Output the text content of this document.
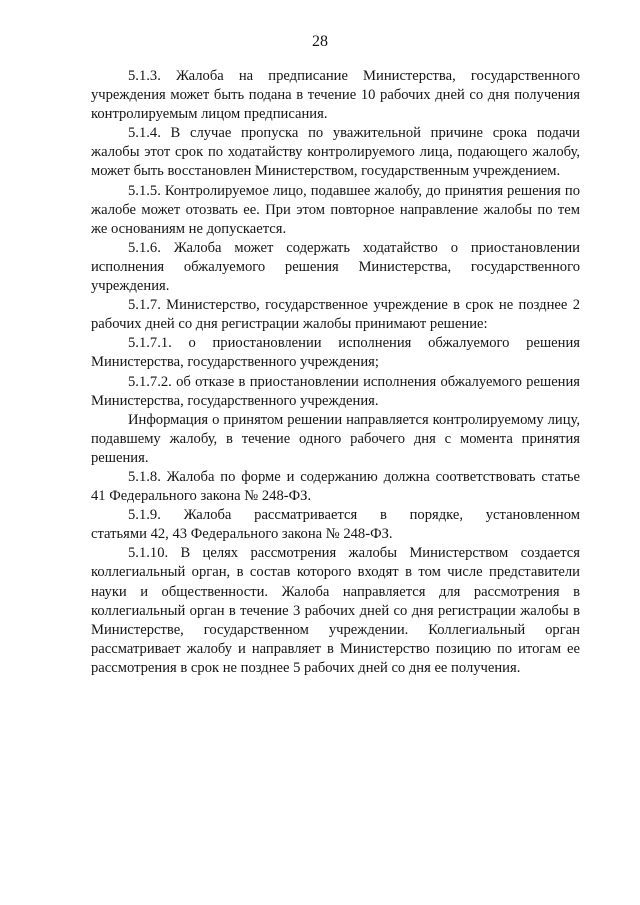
28

5.1.3. Жалоба на предписание Министерства, государственного учреждения может быть подана в течение 10 рабочих дней со дня получения контролируемым лицом предписания.

5.1.4. В случае пропуска по уважительной причине срока подачи жалобы этот срок по ходатайству контролируемого лица, подающего жалобу, может быть восстановлен Министерством, государственным учреждением.

5.1.5. Контролируемое лицо, подавшее жалобу, до принятия решения по жалобе может отозвать ее. При этом повторное направление жалобы по тем же основаниям не допускается.

5.1.6. Жалоба может содержать ходатайство о приостановлении исполнения обжалуемого решения Министерства, государственного учреждения.

5.1.7. Министерство, государственное учреждение в срок не позднее 2 рабочих дней со дня регистрации жалобы принимают решение:

5.1.7.1. о приостановлении исполнения обжалуемого решения Министерства, государственного учреждения;

5.1.7.2. об отказе в приостановлении исполнения обжалуемого решения Министерства, государственного учреждения.

Информация о принятом решении направляется контролируемому лицу, подавшему жалобу, в течение одного рабочего дня с момента принятия решения.

5.1.8. Жалоба по форме и содержанию должна соответствовать статье 41 Федерального закона № 248-ФЗ.

5.1.9. Жалоба рассматривается в порядке, установленном

статьями 42, 43 Федерального закона № 248-ФЗ.

5.1.10. В целях рассмотрения жалобы Министерством создается коллегиальный орган, в состав которого входят в том числе представители науки и общественности. Жалоба направляется для рассмотрения в коллегиальный орган в течение 3 рабочих дней со дня регистрации жалобы в Министерстве, государственном учреждении. Коллегиальный орган рассматривает жалобу и направляет в Министерство позицию по итогам ее рассмотрения в срок не позднее 5 рабочих дней со дня ее получения.
